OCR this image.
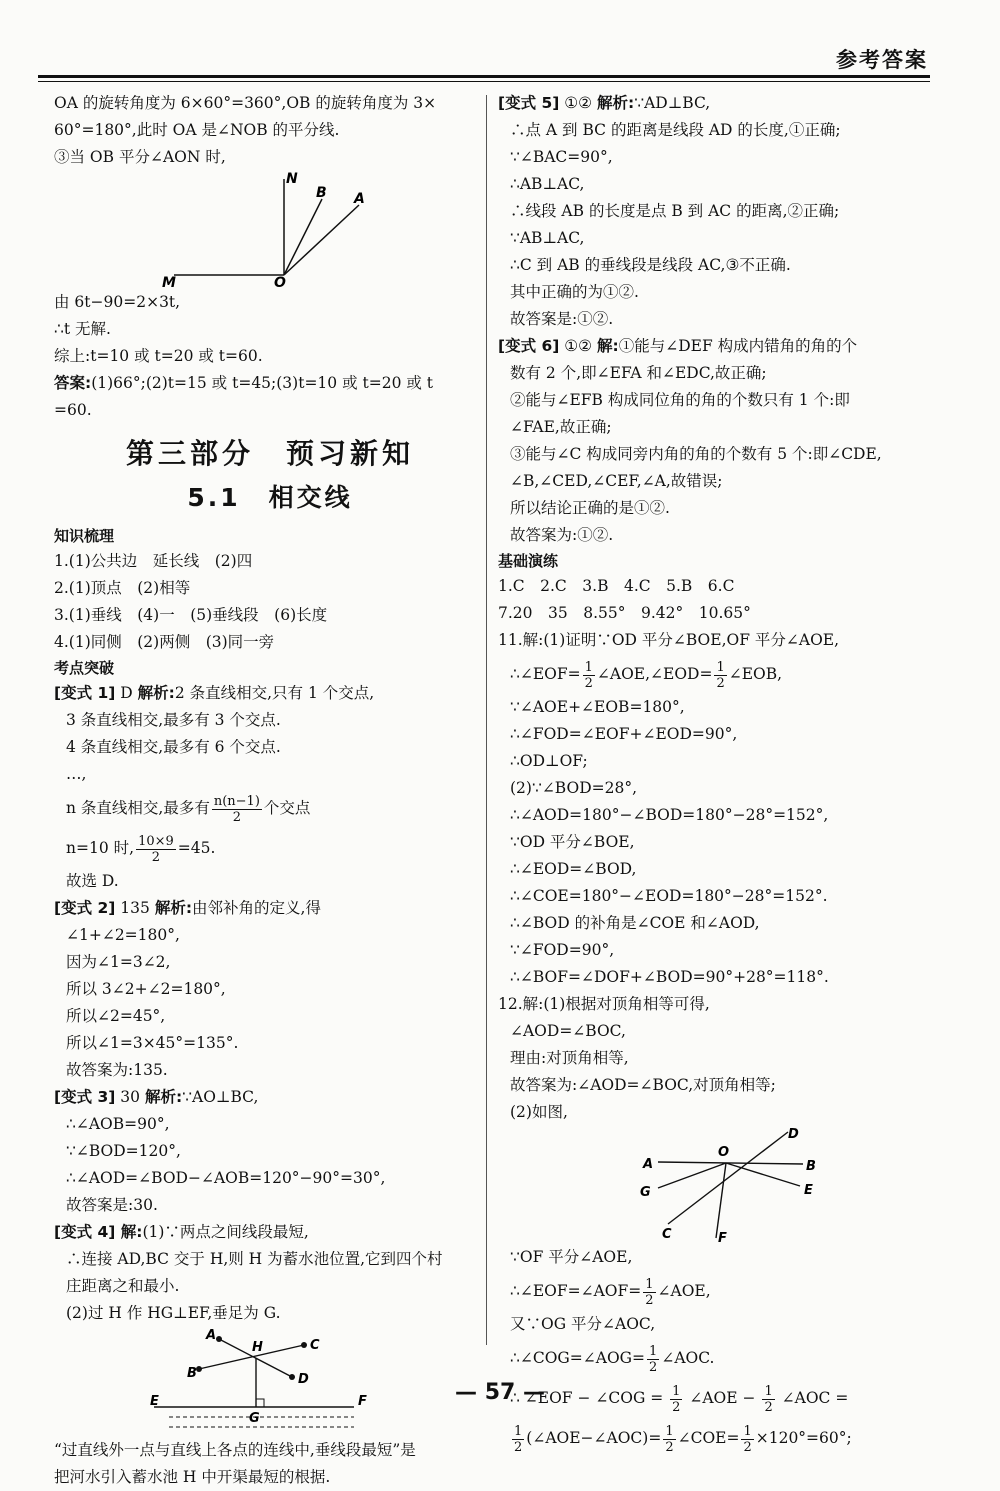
参考答案
OA 的旋转角度为 6×60°=360°,OB 的旋转角度为 3×
60°=180°,此时 OA 是∠NOB 的平分线.
③当 OB 平分∠AON 时,
N
B A
M	O
由 6t−90=2×3t,
∴t 无解.
综上:t=10 或 t=20 或 t=60.
答案:(1)66°;(2)t=15 或 t=45;(3)t=10 或 t=20 或 t
=60.
第三部分　预习新知
5.1　相交线
知识梳理
1.(1)公共边　延长线　(2)四
2.(1)顶点　(2)相等
3.(1)垂线　(4)一　(5)垂线段　(6)长度
4.(1)同侧　(2)两侧　(3)同一旁
考点突破
[变式 1] D 解析:2 条直线相交,只有 1 个交点,
3 条直线相交,最多有 3 个交点.
4 条直线相交,最多有 6 个交点.
…,
n 条直线相交,最多有 $\frac{n(n-1)}{2}$ 个交点
n=10 时, $\frac{10\times 9}{2} =45$.
故选 D.
[变式 2] 135 解析:由邻补角的定义,得
∠1+∠2=180°,
因为∠1=3∠2,
所以 3∠2+∠2=180°,
所以∠2=45°,
所以∠1=3×45°=135°.
故答案为:135.
[变式 3] 30 解析:∵AO⊥BC,
∴∠AOB=90°,
∵∠BOD=120°,
∴∠AOD=∠BOD−∠AOB=120°−90°=30°,
故答案是:30.
[变式 4] 解:(1)∵两点之间线段最短,
∴连接 AD,BC 交于 H,则 H 为蓄水池位置,它到四个村
庄距离之和最小.
(2)过 H 作 HG⊥EF,垂足为 G.
A
B
C
D
H
E	F
G
“过直线外一点与直线上各点的连线中,垂线段最短”是
把河水引入蓄水池 H 中开渠最短的根据.
[变式 5] ①② 解析:∵AD⊥BC,
∴点 A 到 BC 的距离是线段 AD 的长度,①正确;
∵∠BAC=90°,
∴AB⊥AC,
∴线段 AB 的长度是点 B 到 AC 的距离,②正确;
∵AB⊥AC,
∴C 到 AB 的垂线段是线段 AC,③不正确.
其中正确的为①②.
故答案是:①②.
[变式 6] ①② 解:①能与∠DEF 构成内错角的角的个
数有 2 个,即∠EFA 和∠EDC,故正确;
②能与∠EFB 构成同位角的角的个数只有 1 个:即
∠FAE,故正确;
③能与∠C 构成同旁内角的角的个数有 5 个:即∠CDE,
∠B,∠CED,∠CEF,∠A,故错误;
所以结论正确的是①②.
故答案为:①②.
基础演练
1.C　2.C　3.B　4.C　5.B　6.C
7.20　35　8.55°　9.42°　10.65°
11.解:(1)证明∵OD 平分∠BOE,OF 平分∠AOE,
∴∠EOF= $\frac{1}{2}$ ∠AOE,∠EOD= $\frac{1}{2}$ ∠EOB,
∵∠AOE+∠EOB=180°,
∴∠FOD=∠EOF+∠EOD=90°,
∴OD⊥OF;
(2)∵∠BOD=28°,
∴∠AOD=180°−∠BOD=180°−28°=152°,
∵OD 平分∠BOE,
∴∠EOD=∠BOD,
∴∠COE=180°−∠EOD=180°−28°=152°.
∴∠BOD 的补角是∠COE 和∠AOD,
∵∠FOD=90°,
∴∠BOF=∠DOF+∠BOD=90°+28°=118°.
12.解:(1)根据对顶角相等可得,
∠AOD=∠BOC,
理由:对顶角相等,
故答案为:∠AOD=∠BOC,对顶角相等;
(2)如图,
A	B
C
D
E
F
G
O
∵OF 平分∠AOE,
∴∠EOF=∠AOF= $\frac{1}{2}$ ∠AOE,
又∵OG 平分∠AOC,
∴∠COG=∠AOG= $\frac{1}{2}$ ∠AOC.
∴ ∠EOF − ∠COG = $\frac{1}{2}$ ∠AOE − $\frac{1}{2}$ ∠AOC =
$\frac{1}{2}$ (∠AOE−∠AOC)= $\frac{1}{2}$ ∠COE= $\frac{1}{2} \times 120^\circ=60^\circ$;
— 57 —
